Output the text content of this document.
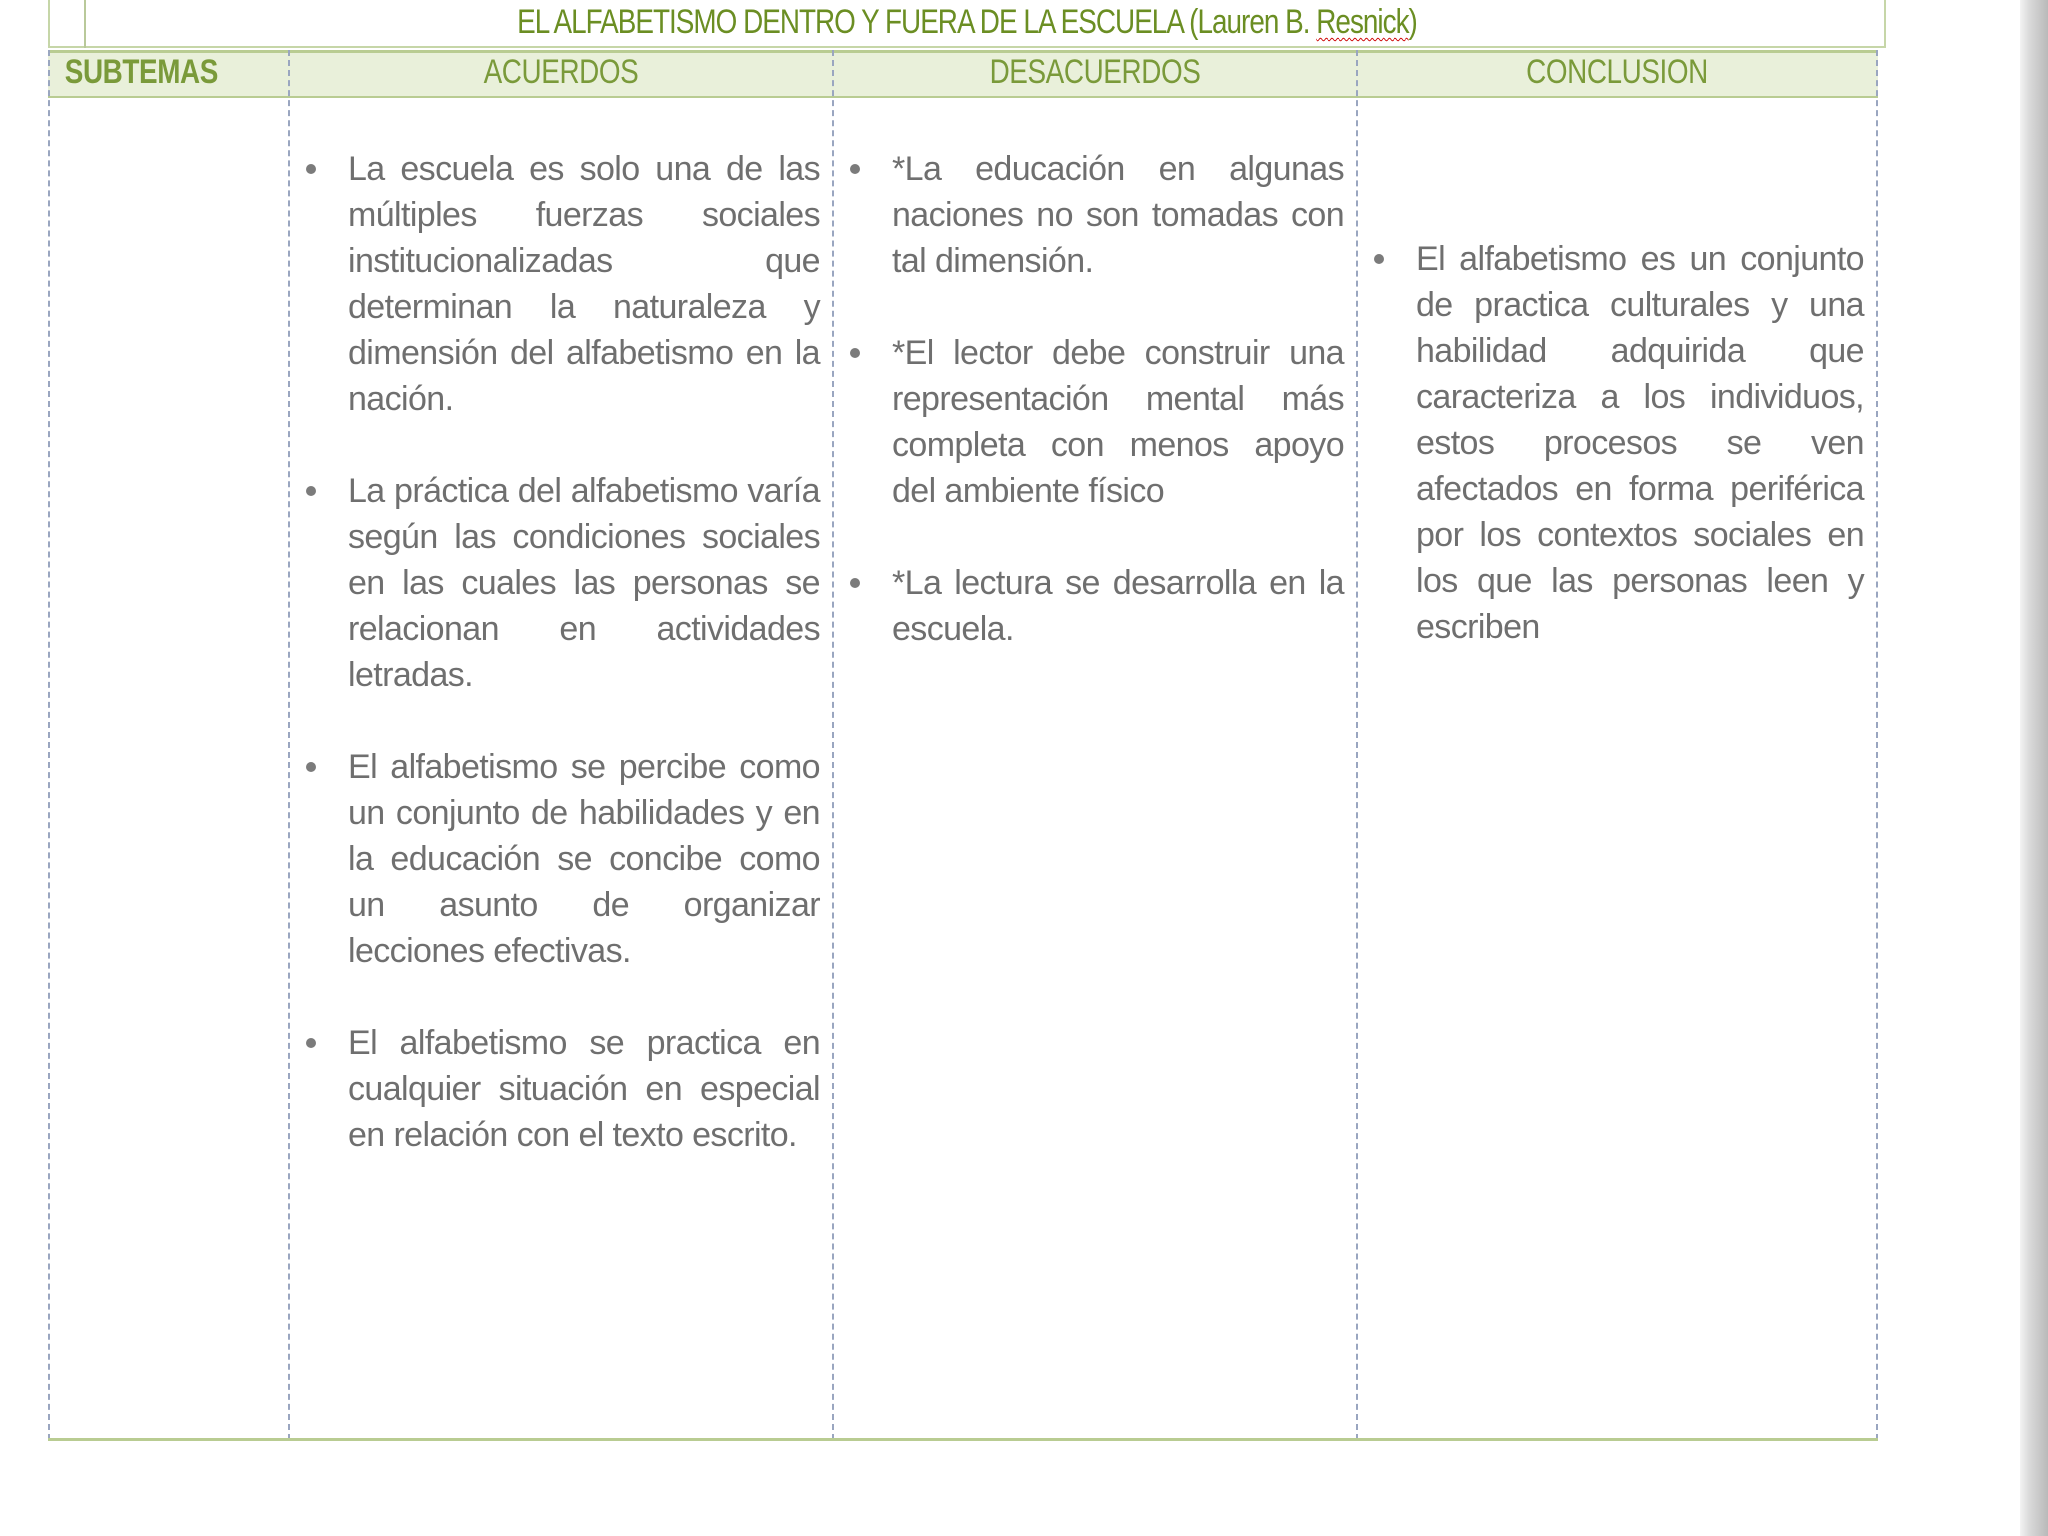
EL ALFABETISMO DENTRO Y FUERA DE LA ESCUELA (Lauren B. Resnick)
SUBTEMAS	ACUERDOS
La escuela es solo una de las múltiples fuerzas sociales institucionalizadas que determinan la naturaleza y dimensión del alfabetismo en la nación.
La práctica del alfabetismo varía según las condiciones sociales en las cuales las personas se relacionan en actividades letradas.
El alfabetismo se percibe como un conjunto de habilidades y en la educación se concibe como un asunto de organizar lecciones efectivas.
El alfabetismo se practica en cualquier situación en especial en relación con el texto escrito.
DESACUERDOS
*La educación en algunas naciones no son tomadas con tal dimensión.
*El lector debe construir una representación mental más completa con menos apoyo del ambiente físico
*La lectura se desarrolla en la escuela.
CONCLUSION
El alfabetismo es un conjunto de practica culturales y una habilidad adquirida que caracteriza a los individuos, estos procesos se ven afectados en forma periférica por los contextos sociales en los que las personas leen y escriben
